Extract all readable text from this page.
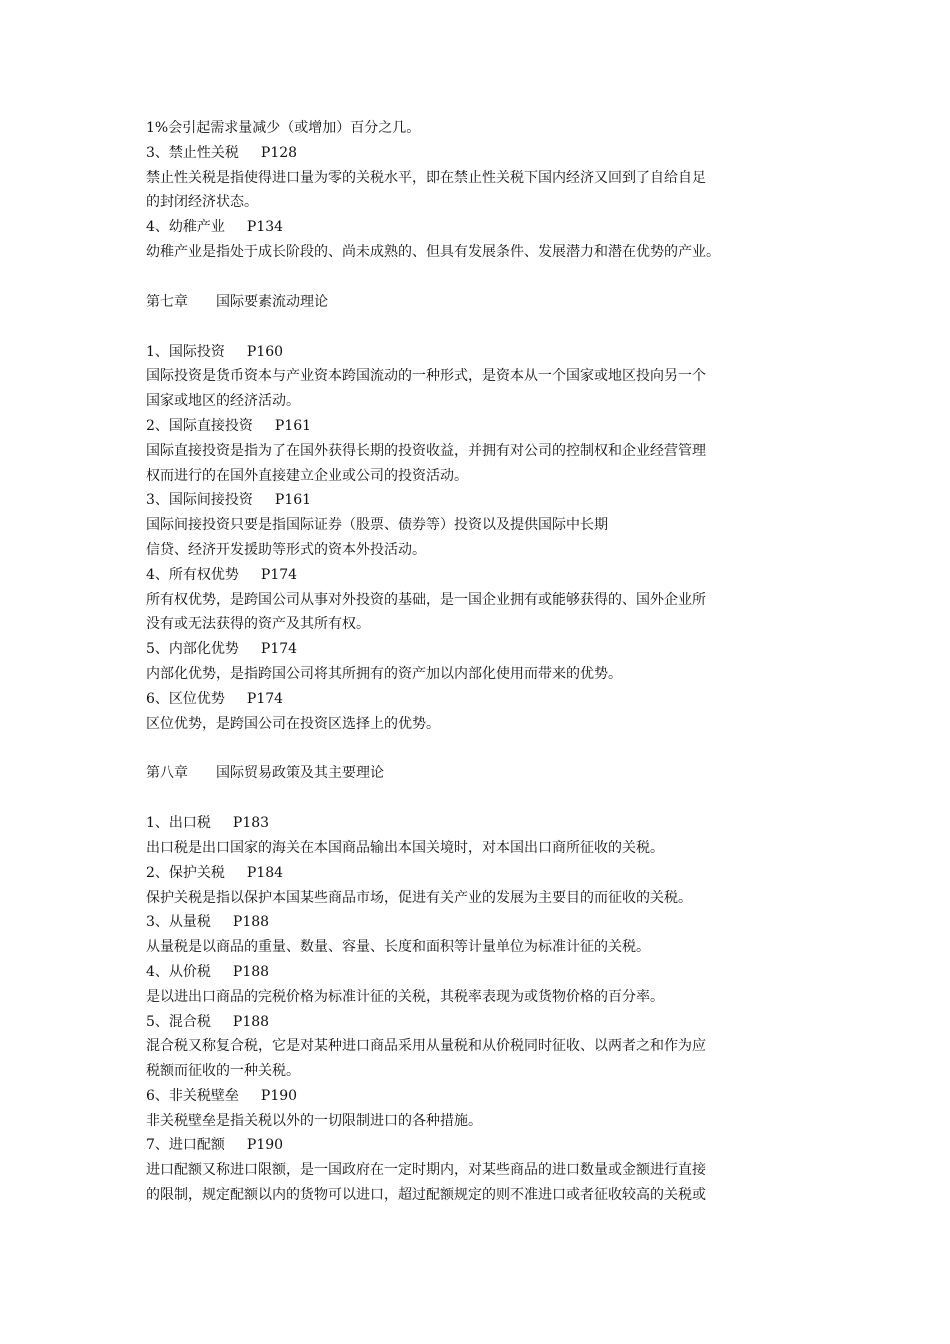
1%会引起需求量减少（或增加）百分之几。
3、禁止性关税 P128
禁止性关税是指使得进口量为零的关税水平，即在禁止性关税下国内经济又回到了自给自足
的封闭经济状态。
4、幼稚产业 P134
幼稚产业是指处于成长阶段的、尚未成熟的、但具有发展条件、发展潜力和潜在优势的产业。
第七章 国际要素流动理论
1、国际投资 P160
国际投资是货币资本与产业资本跨国流动的一种形式，是资本从一个国家或地区投向另一个
国家或地区的经济活动。
2、国际直接投资 P161
国际直接投资是指为了在国外获得长期的投资收益，并拥有对公司的控制权和企业经营管理
权而进行的在国外直接建立企业或公司的投资活动。
3、国际间接投资 P161
国际间接投资只要是指国际证券（股票、债券等）投资以及提供国际中长期
信贷、经济开发援助等形式的资本外投活动。
4、所有权优势 P174
所有权优势，是跨国公司从事对外投资的基础，是一国企业拥有或能够获得的、国外企业所
没有或无法获得的资产及其所有权。
5、内部化优势 P174
内部化优势，是指跨国公司将其所拥有的资产加以内部化使用而带来的优势。
6、区位优势 P174
区位优势，是跨国公司在投资区选择上的优势。
第八章 国际贸易政策及其主要理论
1、出口税 P183
出口税是出口国家的海关在本国商品输出本国关境时，对本国出口商所征收的关税。
2、保护关税 P184
保护关税是指以保护本国某些商品市场，促进有关产业的发展为主要目的而征收的关税。
3、从量税 P188
从量税是以商品的重量、数量、容量、长度和面积等计量单位为标准计征的关税。
4、从价税 P188
是以进出口商品的完税价格为标准计征的关税，其税率表现为或货物价格的百分率。
5、混合税 P188
混合税又称复合税，它是对某种进口商品采用从量税和从价税同时征收、以两者之和作为应
税额而征收的一种关税。
6、非关税壁垒 P190
非关税壁垒是指关税以外的一切限制进口的各种措施。
7、进口配额 P190
进口配额又称进口限额，是一国政府在一定时期内，对某些商品的进口数量或金额进行直接
的限制，规定配额以内的货物可以进口，超过配额规定的则不准进口或者征收较高的关税或
